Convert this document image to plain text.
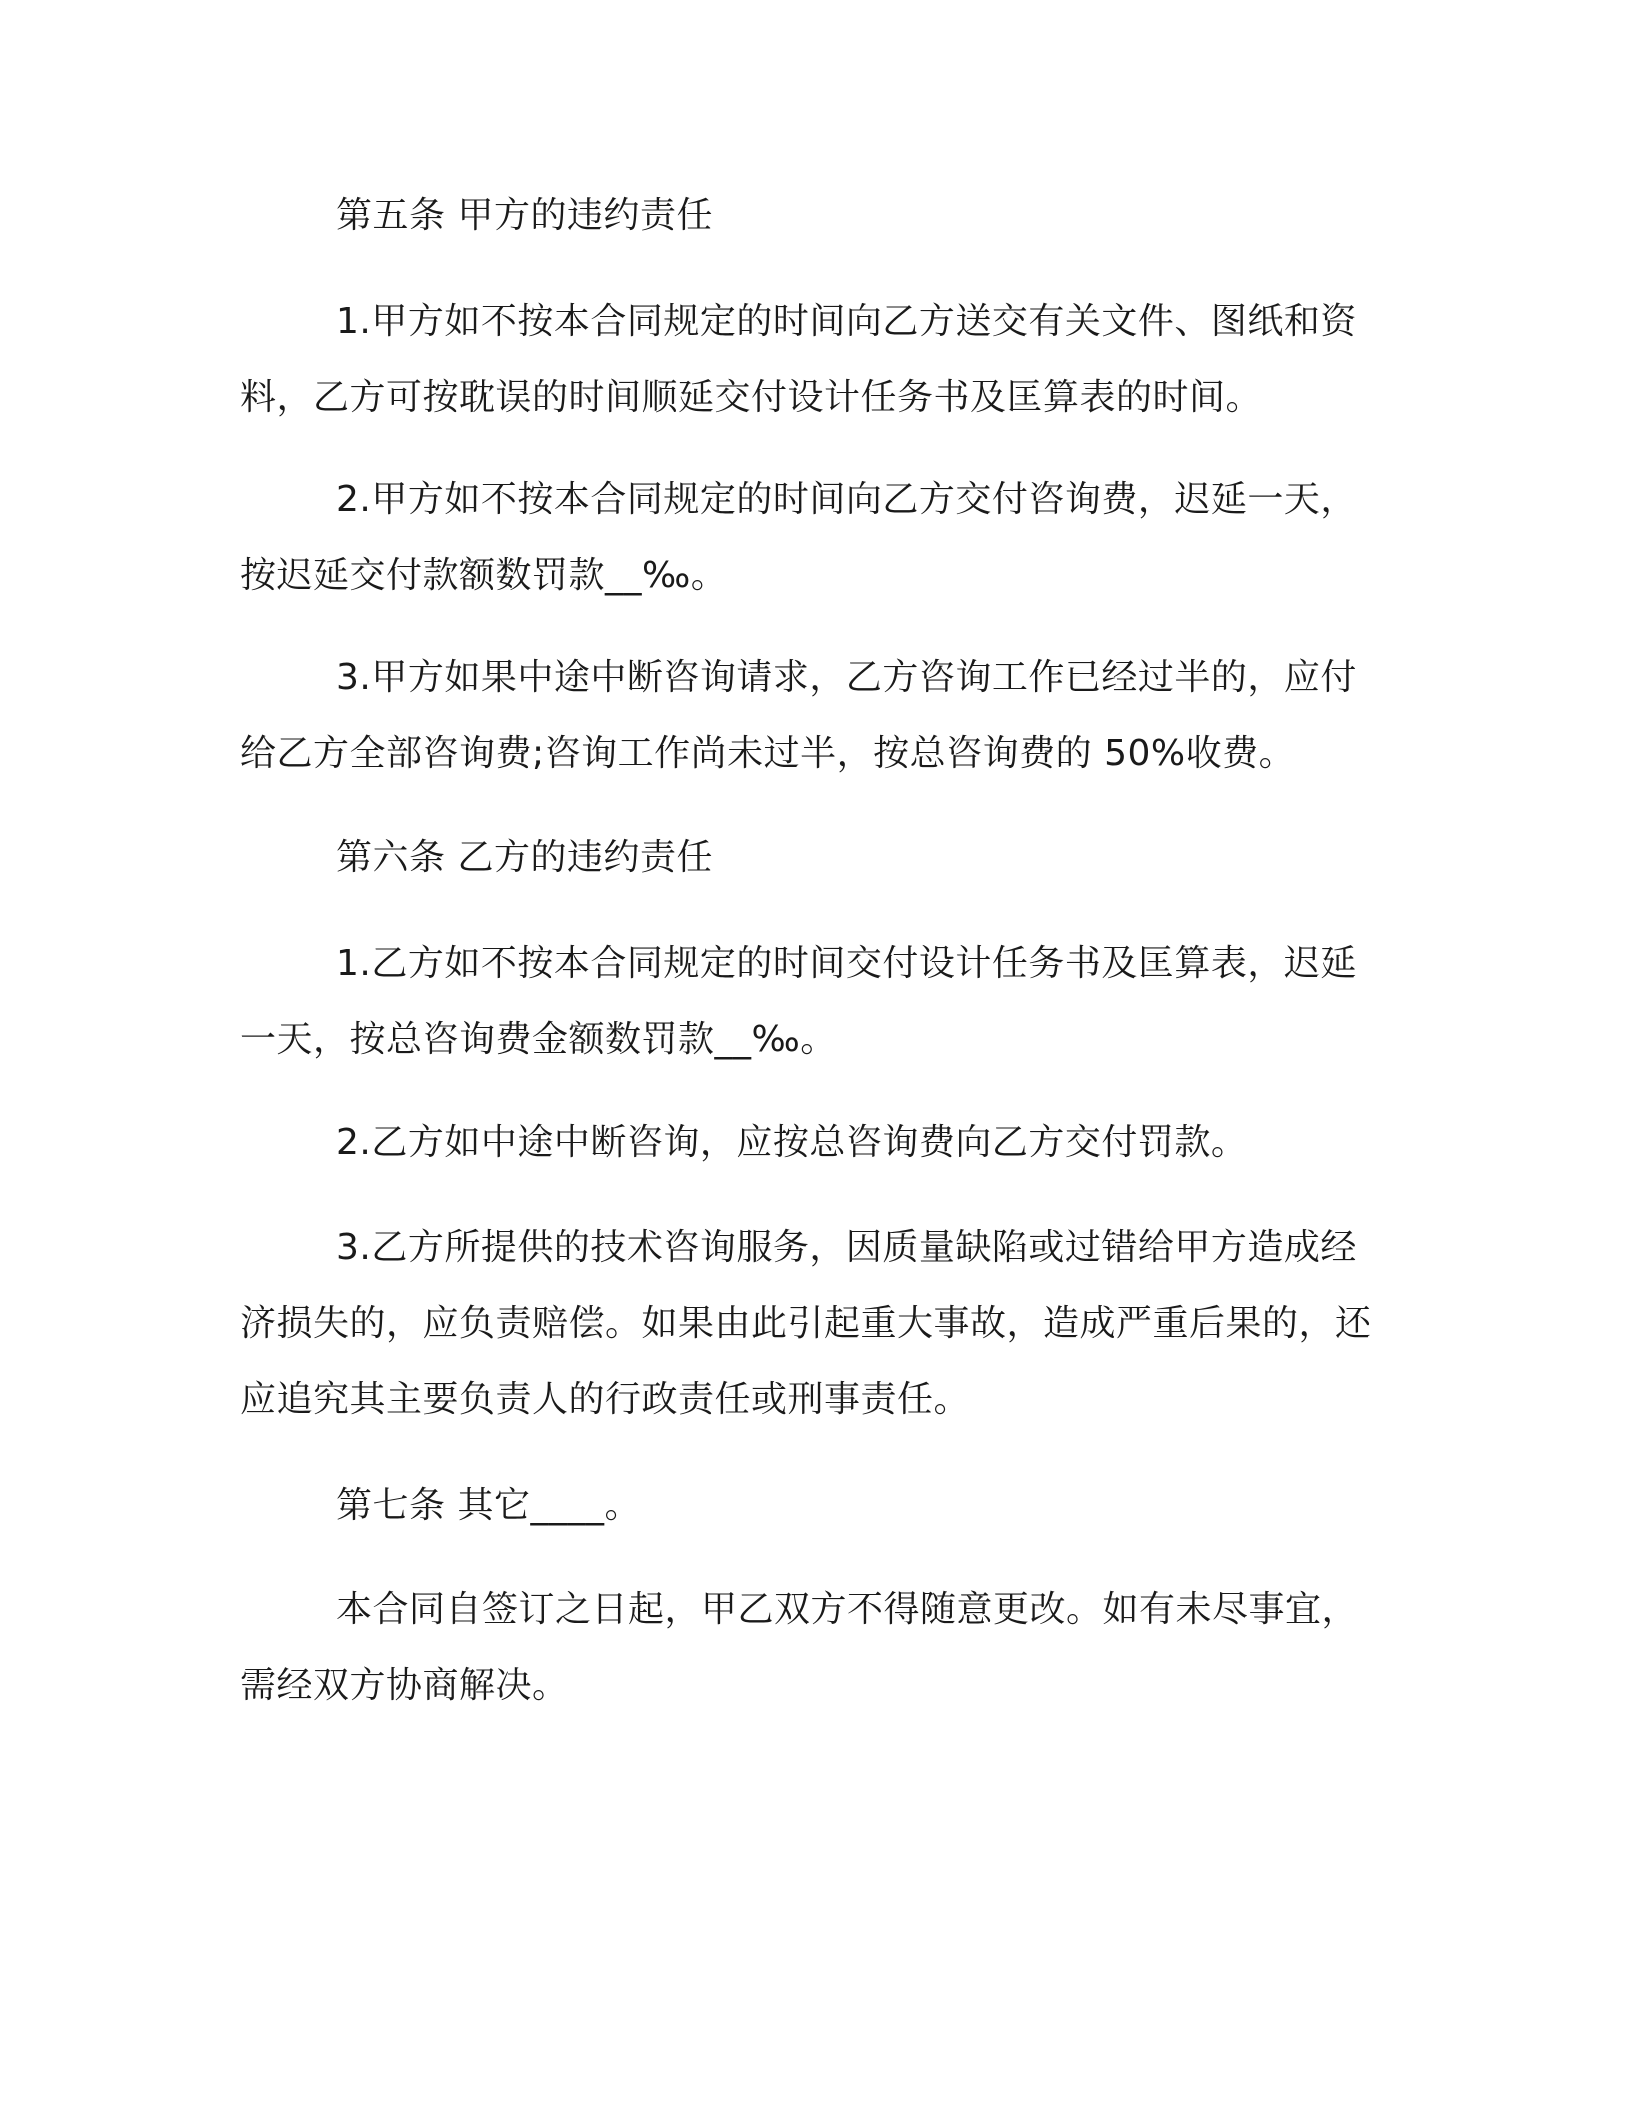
第五条 甲方的违约责任

1.甲方如不按本合同规定的时间向乙方送交有关文件、图纸和资料，乙方可按耽误的时间顺延交付设计任务书及匡算表的时间。

2.甲方如不按本合同规定的时间向乙方交付咨询费，迟延一天，按迟延交付款额数罚款__‰。

3.甲方如果中途中断咨询请求，乙方咨询工作已经过半的，应付给乙方全部咨询费;咨询工作尚未过半，按总咨询费的 50%收费。

第六条 乙方的违约责任

1.乙方如不按本合同规定的时间交付设计任务书及匡算表，迟延一天，按总咨询费金额数罚款__‰。

2.乙方如中途中断咨询，应按总咨询费向乙方交付罚款。

3.乙方所提供的技术咨询服务，因质量缺陷或过错给甲方造成经济损失的，应负责赔偿。如果由此引起重大事故，造成严重后果的，还应追究其主要负责人的行政责任或刑事责任。

第七条 其它____。

本合同自签订之日起，甲乙双方不得随意更改。如有未尽事宜，需经双方协商解决。
